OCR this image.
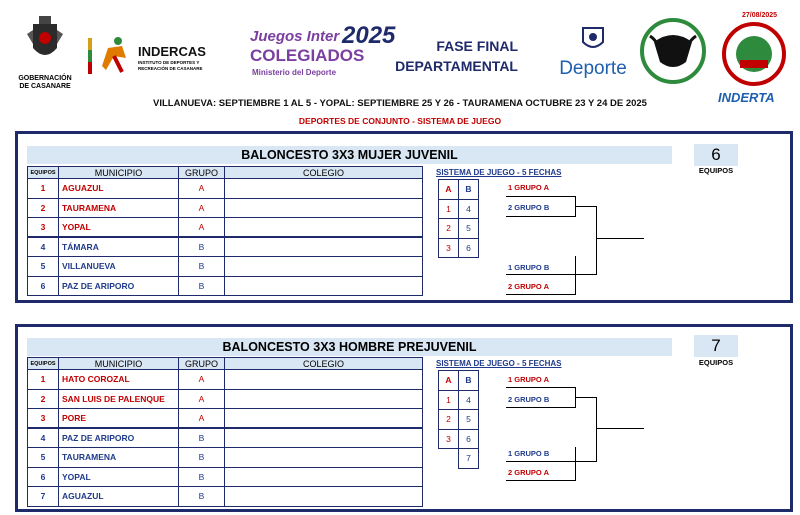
GOBERNACIÓN DE CASANARE
INDERCAS
INSTITUTO DE DEPORTES Y RECREACIÓN DE CASANARE
Juegos Inter
COLEGIADOS
Ministerio del Deporte
2025	FASE FINAL DEPARTAMENTAL	Deporte
27/08/2025
INDERTA
VILLANUEVA: SEPTIEMBRE 1 AL 5 - YOPAL: SEPTIEMBRE 25 Y 26 - TAURAMENA OCTUBRE 23 Y 24 DE 2025
DEPORTES DE CONJUNTO - SISTEMA DE JUEGO
BALONCESTO 3X3 MUJER JUVENIL	6
EQUIPOS
EQUIPOS	MUNICIPIO	GRUPO	COLEGIO
1	AGUAZUL	A	
2	TAURAMENA	A	
3	YOPAL	A	
4	TÁMARA	B	
5	VILLANUEVA	B	
6	PAZ DE ARIPORO	B	
SISTEMA DE JUEGO - 5 FECHAS
A	B
1	4
2	5
3	6
1 GRUPO A
2 GRUPO B
1 GRUPO B
2 GRUPO A
BALONCESTO 3X3 HOMBRE PREJUVENIL	7
EQUIPOS
EQUIPOS	MUNICIPIO	GRUPO	COLEGIO
1	HATO COROZAL	A	
2	SAN LUIS DE PALENQUE	A	
3	PORE	A	
4	PAZ DE ARIPORO	B	
5	TAURAMENA	B	
6	YOPAL	B	
7	AGUAZUL	B	
SISTEMA DE JUEGO - 5 FECHAS
A	B
1	4
2	5
3	6
	7
1 GRUPO A
2 GRUPO B
1 GRUPO B
2 GRUPO A
